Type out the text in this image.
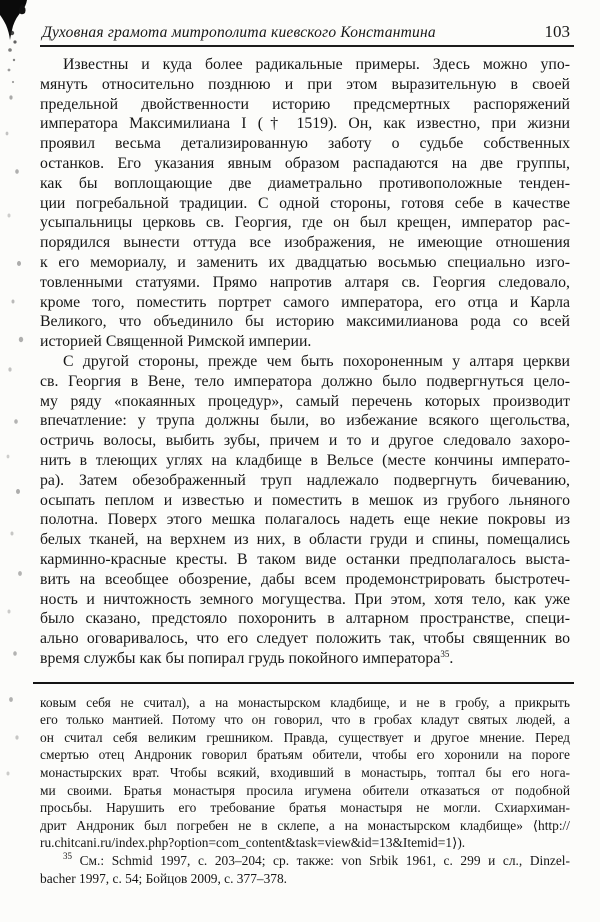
Духовная грамота митрополита киевского Константина	103
Известны и куда более радикальные примеры. Здесь можно упо-
мянуть относительно позднюю и при этом выразительную в своей
предельной двойственности историю предсмертных распоряжений
императора Максимилиана I († 1519). Он, как известно, при жизни
проявил весьма детализированную заботу о судьбе собственных
останков. Его указания явным образом распадаются на две группы,
как бы воплощающие две диаметрально противоположные тенден-
ции погребальной традиции. С одной стороны, готовя себе в качестве
усыпальницы церковь св. Георгия, где он был крещен, император рас-
порядился вынести оттуда все изображения, не имеющие отношения
к его мемориалу, и заменить их двадцатью восьмью специально изго-
товленными статуями. Прямо напротив алтаря св. Георгия следовало,
кроме того, поместить портрет самого императора, его отца и Карла
Великого, что объединило бы историю максимилианова рода со всей
историей Священной Римской империи.
С другой стороны, прежде чем быть похороненным у алтаря церкви
св. Георгия в Вене, тело императора должно было подвергнуться цело-
му ряду «покаянных процедур», самый перечень которых производит
впечатление: у трупа должны были, во избежание всякого щегольства,
остричь волосы, выбить зубы, причем и то и другое следовало захоро-
нить в тлеющих углях на кладбище в Вельсе (месте кончины императо-
ра). Затем обезображенный труп надлежало подвергнуть бичеванию,
осыпать пеплом и известью и поместить в мешок из грубого льняного
полотна. Поверх этого мешка полагалось надеть еще некие покровы из
белых тканей, на верхнем из них, в области груди и спины, помещались
карминно-красные кресты. В таком виде останки предполагалось выста-
вить на всеобщее обозрение, дабы всем продемонстрировать быстротеч-
ность и ничтожность земного могущества. При этом, хотя тело, как уже
было сказано, предстояло похоронить в алтарном пространстве, специ-
ально оговаривалось, что его следует положить так, чтобы священник во
время службы как бы попирал грудь покойного императора$^{35}$.
ковым себя не считал), а на монастырском кладбище, и не в гробу, а прикрыть
его только мантией. Потому что он говорил, что в гробах кладут святых людей, а
он считал себя великим грешником. Правда, существует и другое мнение. Перед
смертью отец Андроник говорил братьям обители, чтобы его хоронили на пороге
монастырских врат. Чтобы всякий, входивший в монастырь, топтал бы его нога-
ми своими. Братья монастыря просила игумена обители отказаться от подобной
просьбы. Нарушить его требование братья монастыря не могли. Схиархиман-
дрит Андроник был погребен не в склепе, а на монастырском кладбище» ⟨http://
ru.chitcani.ru/index.php?option=com_content&task=view&id=13&Itemid=1⟩).
$^{35}$ См.: Schmid 1997, с. 203–204; ср. также: von Srbik 1961, с. 299 и сл., Dinzel-
bacher 1997, с. 54; Бойцов 2009, с. 377–378.
